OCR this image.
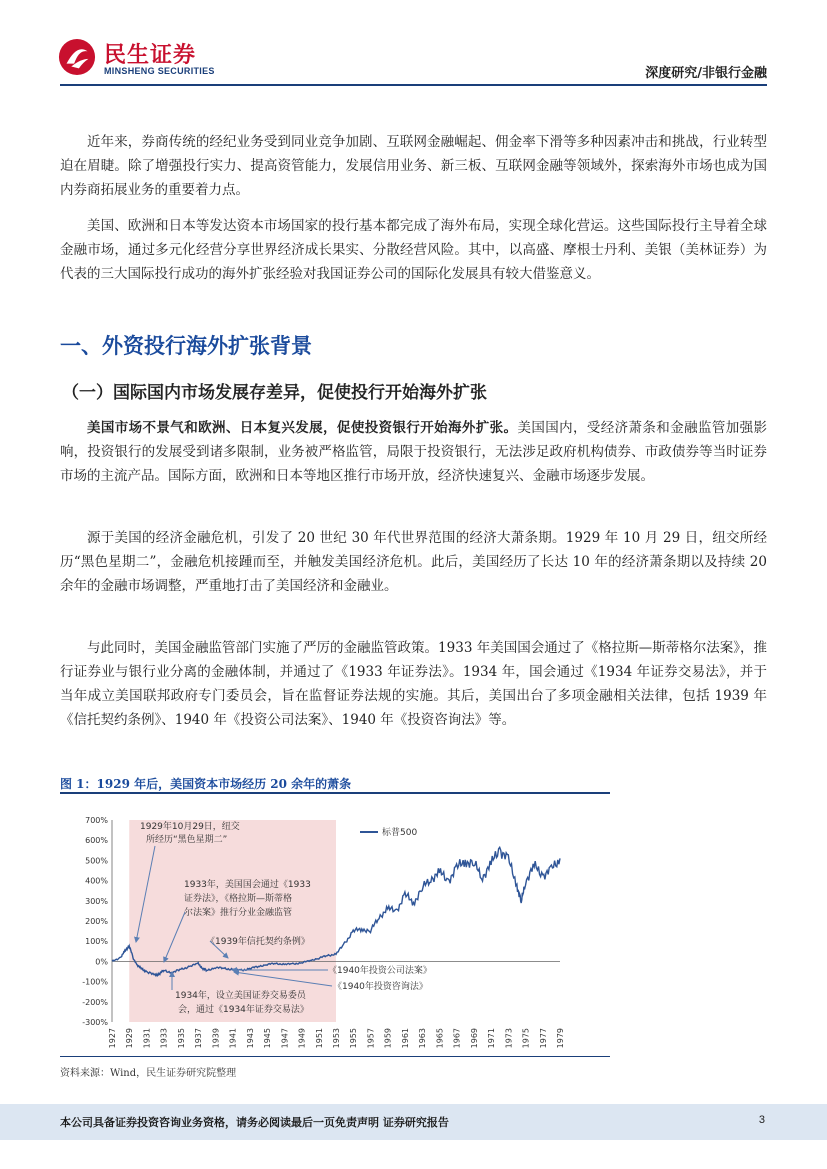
民生证券
MINSHENG SECURITIES	深度研究/非银行金融

近年来，券商传统的经纪业务受到同业竞争加剧、互联网金融崛起、佣金率下滑等多种因素冲击和挑战，行业转型迫在眉睫。除了增强投行实力、提高资管能力，发展信用业务、新三板、互联网金融等领域外，探索海外市场也成为国内券商拓展业务的重要着力点。

美国、欧洲和日本等发达资本市场国家的投行基本都完成了海外布局，实现全球化营运。这些国际投行主导着全球金融市场，通过多元化经营分享世界经济成长果实、分散经营风险。其中，以高盛、摩根士丹利、美银（美林证券）为代表的三大国际投行成功的海外扩张经验对我国证券公司的国际化发展具有较大借鉴意义。

一、外资投行海外扩张背景
（一）国际国内市场发展存差异，促使投行开始海外扩张

美国市场不景气和欧洲、日本复兴发展，促使投资银行开始海外扩张。美国国内，受经济萧条和金融监管加强影响，投资银行的发展受到诸多限制，业务被严格监管，局限于投资银行，无法涉足政府机构债券、市政债券等当时证券市场的主流产品。国际方面，欧洲和日本等地区推行市场开放，经济快速复兴、金融市场逐步发展。

源于美国的经济金融危机，引发了 20 世纪 30 年代世界范围的经济大萧条期。1929 年 10 月 29 日，纽交所经历“黑色星期二”，金融危机接踵而至，并触发美国经济危机。此后，美国经历了长达 10 年的经济萧条期以及持续 20 余年的金融市场调整，严重地打击了美国经济和金融业。

与此同时，美国金融监管部门实施了严厉的金融监管政策。1933 年美国国会通过了《格拉斯—斯蒂格尔法案》，推行证券业与银行业分离的金融体制，并通过了《1933 年证券法》。1934 年，国会通过《1934 年证券交易法》，并于当年成立美国联邦政府专门委员会，旨在监督证券法规的实施。其后，美国出台了多项金融相关法律，包括 1939 年《信托契约条例》、1940 年《投资公司法案》、1940 年《投资咨询法》等。

图 1：1929 年后，美国资本市场经历 20 余年的萧条
-300%
-200%
-100%
0%
100%
200%
300%
400%
500%
600%
700%
1927 1929 1931 1933 1935 1937 1939 1941 1943 1945 1947 1949 1951 1953 1955 1957 1959 1961 1963 1965 1967 1969 1971 1973 1975 1977 1979
标普500
1929年10月29日，纽交
所经历“黑色星期二”
1933年，美国国会通过《1933
证券法》，《格拉斯—斯蒂格
尔法案》推行分业金融监管
《1939年信托契约条例》
1934年，设立美国证券交易委员
会，通过《1934年证券交易法》
《1940年投资公司法案》
《1940年投资咨询法》
资料来源：Wind，民生证券研究院整理
本公司具备证券投资咨询业务资格，请务必阅读最后一页免责声明 证券研究报告	3
